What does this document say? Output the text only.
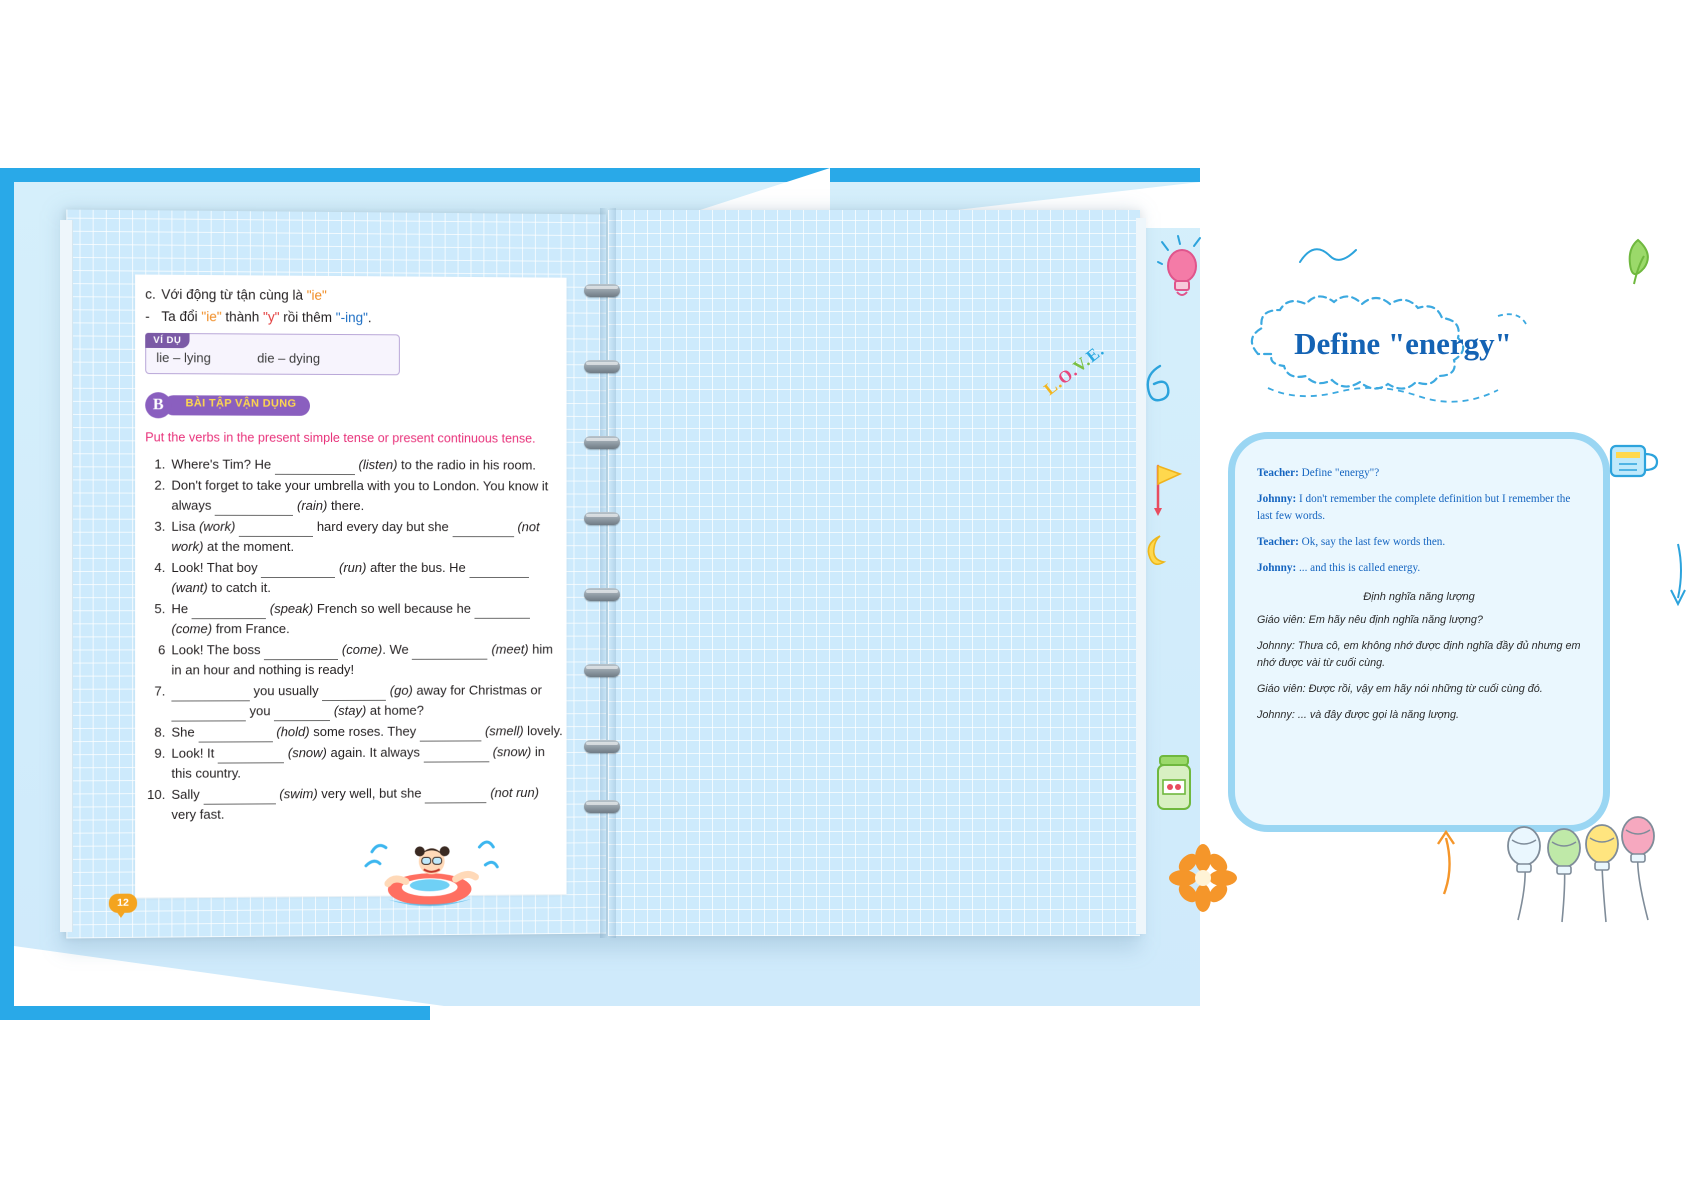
c. Với động từ tận cùng là "ie"
- Ta đổi "ie" thành "y" rồi thêm "-ing".
VÍ DỤ
lie – lying	die – dying
B	BÀI TẬP VẬN DỤNG
Put the verbs in the present simple tense or present continuous tense.
1. Where's Tim? He	(listen) to the radio in his room.
2. Don't forget to take your umbrella with you to London. You know it always	(rain) there.
3. Lisa (work)	hard every day but she	(not work) at the moment.
4. Look! That boy	(run) after the bus. He  (want) to catch it.
5. He	(speak) French so well because he  (come) from France.
6 Look! The boss	(come). We	(meet) him in an hour and nothing is ready!
7.	you usually	(go) away for Christmas or  you	(stay) at home?
8. She	(hold) some roses. They	(smell) lovely.
9. Look! It	(snow) again. It always	(snow) in this country.
10. Sally	(swim) very well, but she	(not run) very fast.
12
Define "energy"
Teacher: Define "energy"?
Johnny: I don't remember the complete definition but I remember the last few words.
Teacher: Ok, say the last few words then.
Johnny: ... and this is called energy.
Định nghĩa năng lượng
Giáo viên: Em hãy nêu định nghĩa năng lượng?
Johnny: Thưa cô, em không nhớ được định nghĩa đầy đủ nhưng em nhớ được vài từ cuối cùng.
Giáo viên: Được rồi, vậy em hãy nói những từ cuối cùng đó.
Johnny: ... và đây được gọi là năng lượng.
L.O.V.E.
